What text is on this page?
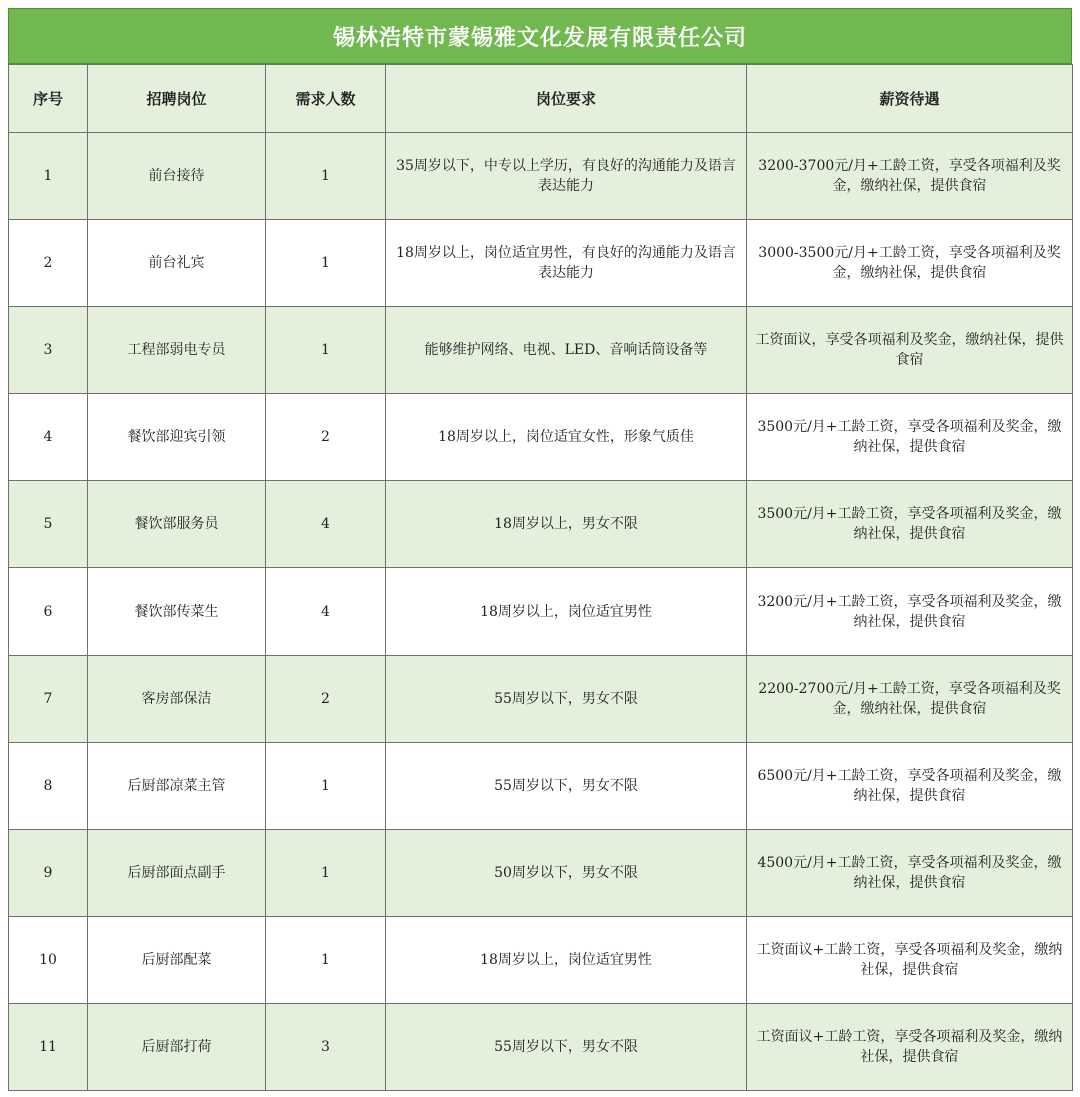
锡林浩特市蒙锡雅文化发展有限责任公司
序号	招聘岗位	需求人数	岗位要求	薪资待遇
1	前台接待	1	35周岁以下，中专以上学历，有良好的沟通能力及语言表达能力	3200-3700元/月+工龄工资，享受各项福利及奖金，缴纳社保，提供食宿
2	前台礼宾	1	18周岁以上，岗位适宜男性，有良好的沟通能力及语言表达能力	3000-3500元/月+工龄工资，享受各项福利及奖金，缴纳社保，提供食宿
3	工程部弱电专员	1	能够维护网络、电视、LED、音响话筒设备等	工资面议，享受各项福利及奖金，缴纳社保，提供食宿
4	餐饮部迎宾引领	2	18周岁以上，岗位适宜女性，形象气质佳	3500元/月+工龄工资，享受各项福利及奖金，缴纳社保，提供食宿
5	餐饮部服务员	4	18周岁以上，男女不限	3500元/月+工龄工资，享受各项福利及奖金，缴纳社保，提供食宿
6	餐饮部传菜生	4	18周岁以上，岗位适宜男性	3200元/月+工龄工资，享受各项福利及奖金，缴纳社保，提供食宿
7	客房部保洁	2	55周岁以下，男女不限	2200-2700元/月+工龄工资，享受各项福利及奖金，缴纳社保，提供食宿
8	后厨部凉菜主管	1	55周岁以下，男女不限	6500元/月+工龄工资，享受各项福利及奖金，缴纳社保，提供食宿
9	后厨部面点副手	1	50周岁以下，男女不限	4500元/月+工龄工资，享受各项福利及奖金，缴纳社保，提供食宿
10	后厨部配菜	1	18周岁以上，岗位适宜男性	工资面议+工龄工资，享受各项福利及奖金，缴纳社保，提供食宿
11	后厨部打荷	3	55周岁以下，男女不限	工资面议+工龄工资，享受各项福利及奖金，缴纳社保，提供食宿
